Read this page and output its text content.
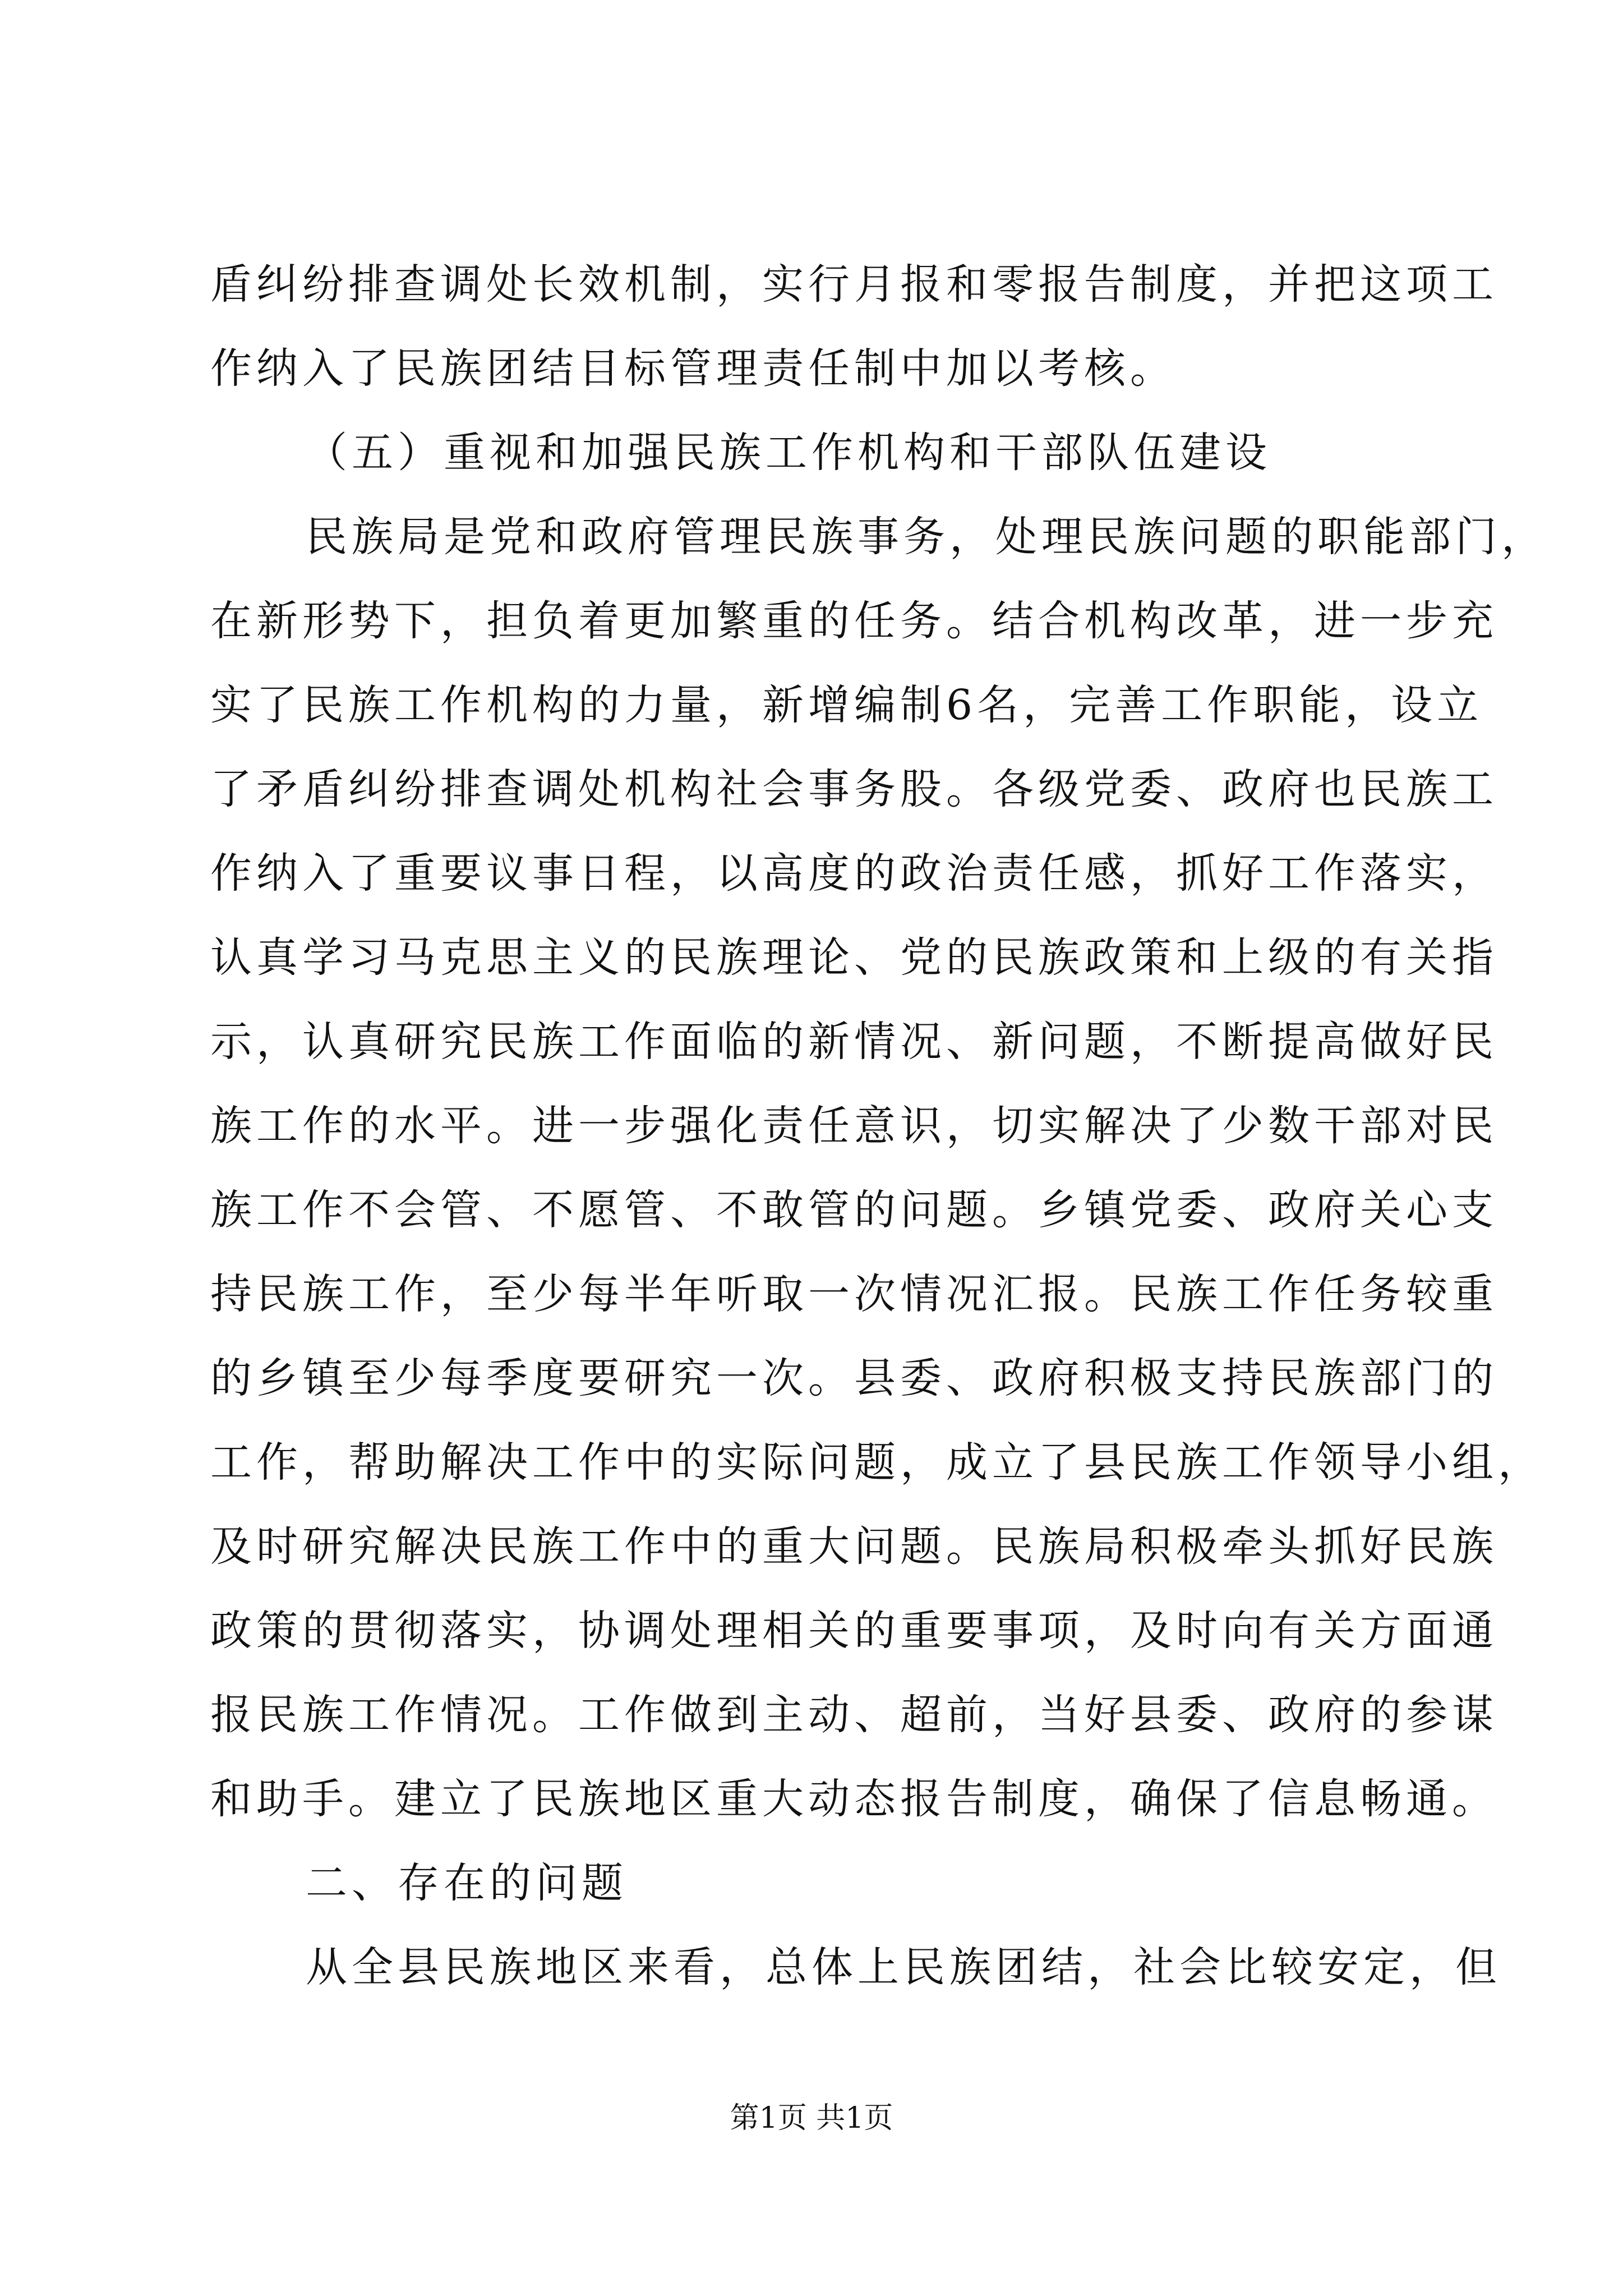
盾纠纷排查调处长效机制，实行月报和零报告制度，并把这项工
作纳入了民族团结目标管理责任制中加以考核。
（五）重视和加强民族工作机构和干部队伍建设
民族局是党和政府管理民族事务，处理民族问题的职能部门，
在新形势下，担负着更加繁重的任务。结合机构改革，进一步充
实了民族工作机构的力量，新增编制6名，完善工作职能，设立
了矛盾纠纷排查调处机构社会事务股。各级党委、政府也民族工
作纳入了重要议事日程，以高度的政治责任感，抓好工作落实，
认真学习马克思主义的民族理论、党的民族政策和上级的有关指
示，认真研究民族工作面临的新情况、新问题，不断提高做好民
族工作的水平。进一步强化责任意识，切实解决了少数干部对民
族工作不会管、不愿管、不敢管的问题。乡镇党委、政府关心支
持民族工作，至少每半年听取一次情况汇报。民族工作任务较重
的乡镇至少每季度要研究一次。县委、政府积极支持民族部门的
工作，帮助解决工作中的实际问题，成立了县民族工作领导小组，
及时研究解决民族工作中的重大问题。民族局积极牵头抓好民族
政策的贯彻落实，协调处理相关的重要事项，及时向有关方面通
报民族工作情况。工作做到主动、超前，当好县委、政府的参谋
和助手。建立了民族地区重大动态报告制度，确保了信息畅通。
二、存在的问题
从全县民族地区来看，总体上民族团结，社会比较安定，但
第1页 共1页
